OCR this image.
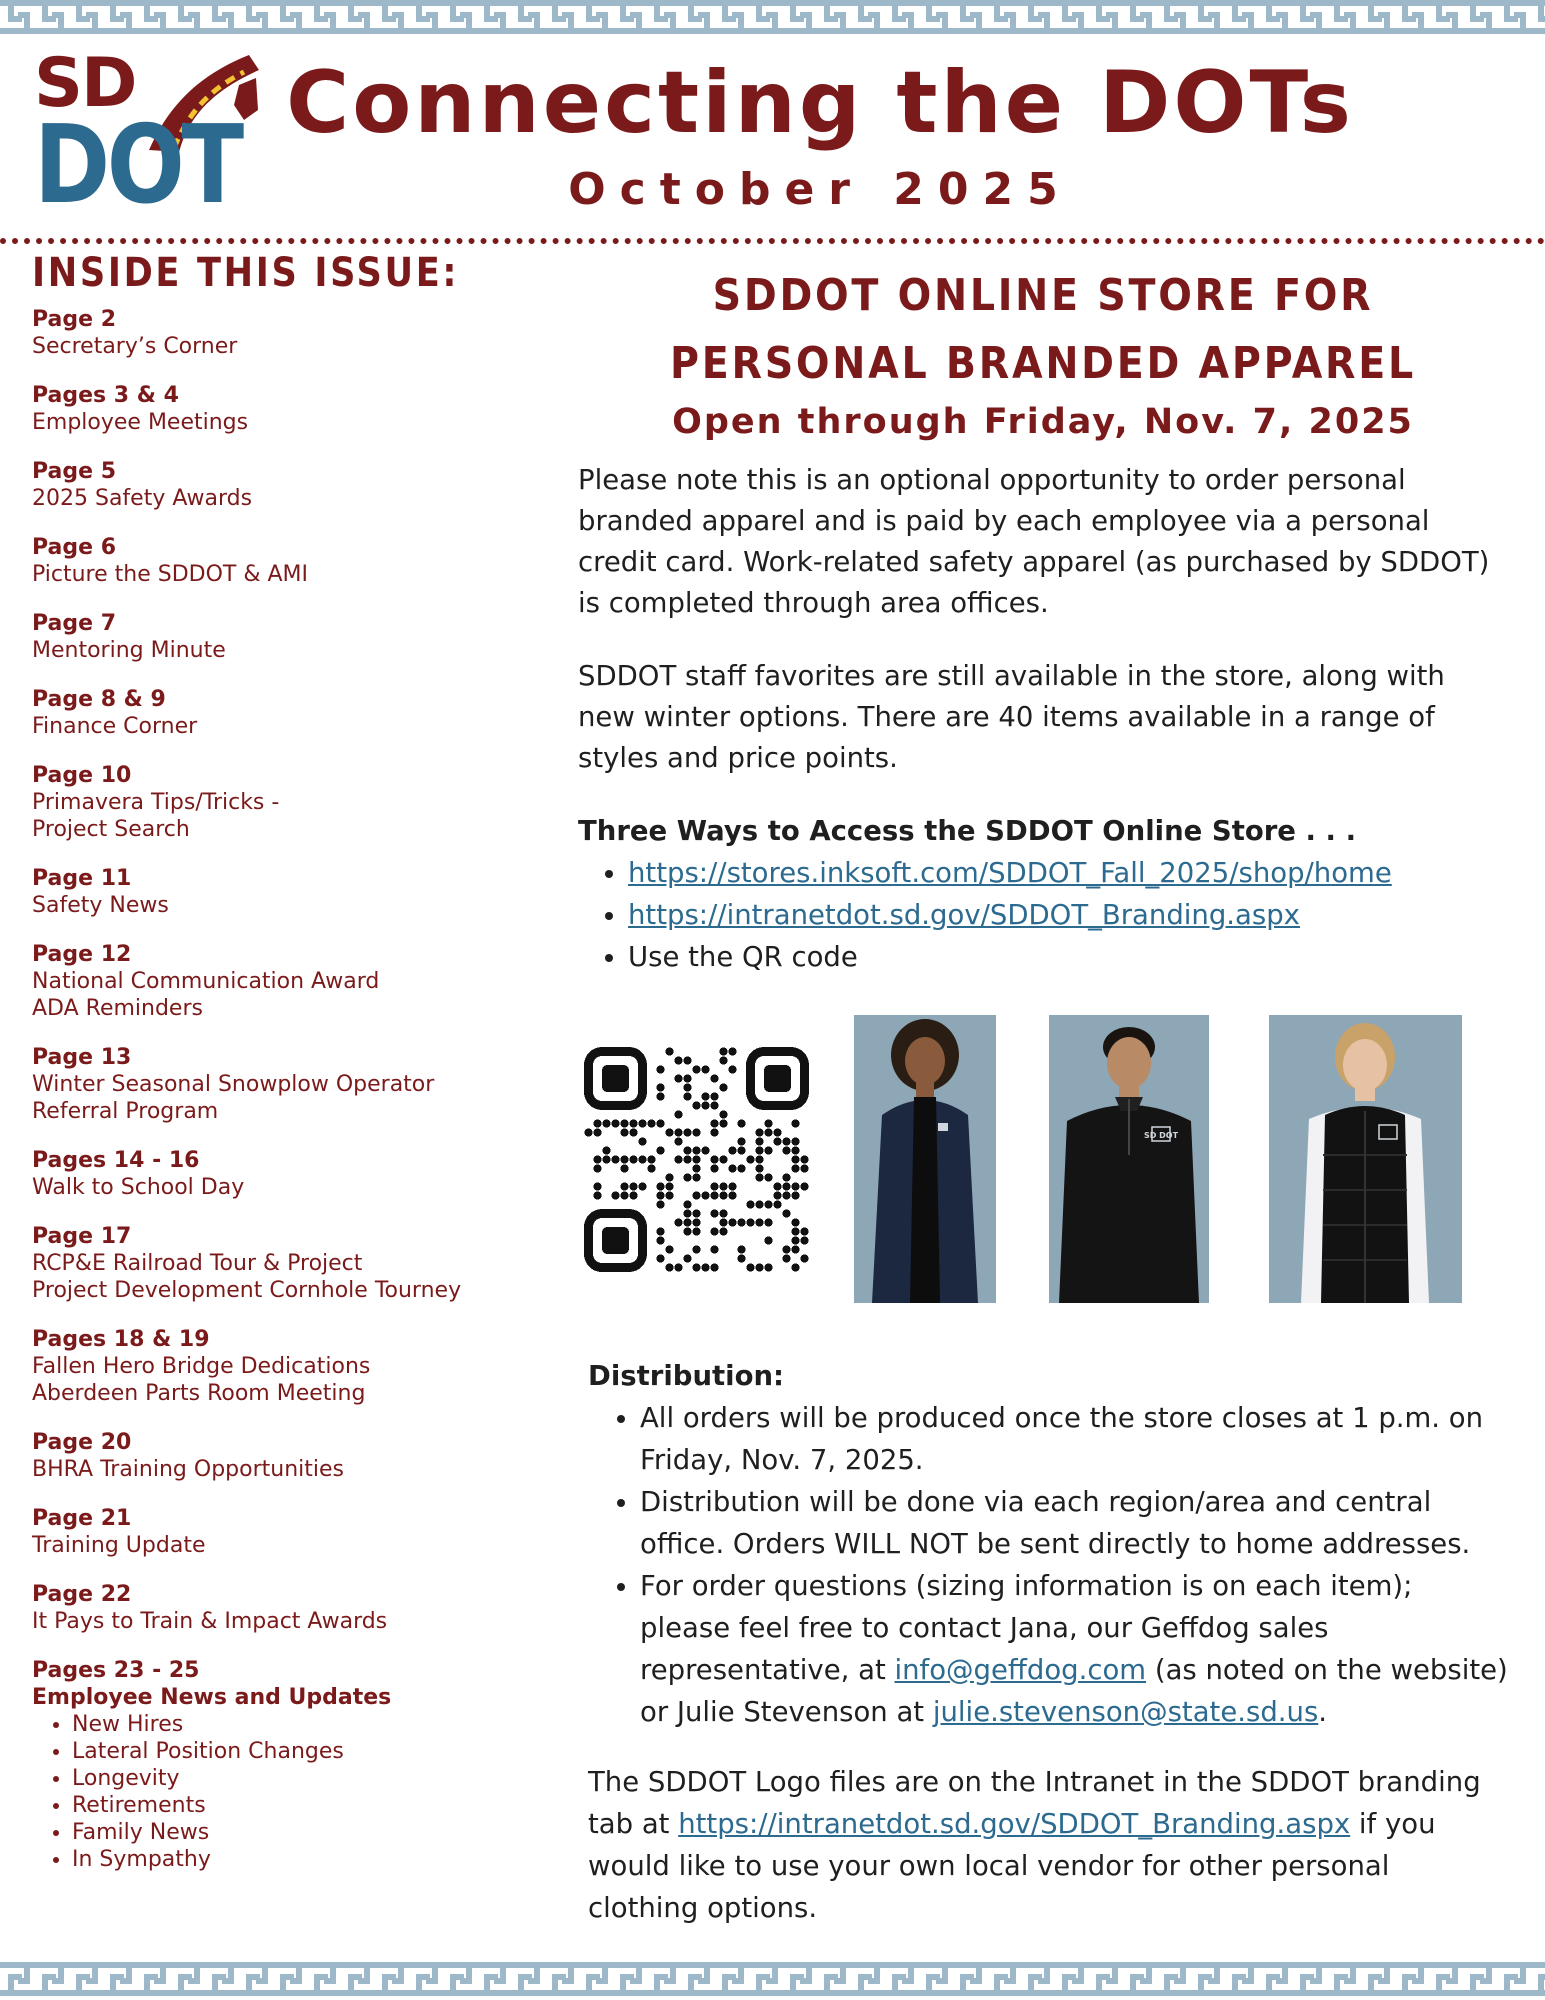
SD
DOT Connecting the DOTs
October 2025
INSIDE THIS ISSUE:
Page 2
Secretary’s Corner
Pages 3 & 4
Employee Meetings
Page 5
2025 Safety Awards
Page 6
Picture the SDDOT & AMI
Page 7
Mentoring Minute
Page 8 & 9
Finance Corner
Page 10
Primavera Tips/Tricks -
Project Search
Page 11
Safety News
Page 12
National Communication Award
ADA Reminders
Page 13
Winter Seasonal Snowplow Operator
Referral Program
Pages 14 - 16
Walk to School Day
Page 17
RCP&E Railroad Tour & Project
Project Development Cornhole Tourney
Pages 18 & 19
Fallen Hero Bridge Dedications
Aberdeen Parts Room Meeting
Page 20
BHRA Training Opportunities
Page 21
Training Update
Page 22
It Pays to Train & Impact Awards
Pages 23 - 25
Employee News and Updates
• New Hires
• Lateral Position Changes
• Longevity
• Retirements
• Family News
• In Sympathy
SDDOT ONLINE STORE FOR
PERSONAL BRANDED APPAREL
Open through Friday, Nov. 7, 2025

Please note this is an optional opportunity to order personal branded apparel and is paid by each employee via a personal credit card. Work-related safety apparel (as purchased by SDDOT) is completed through area offices.

SDDOT staff favorites are still available in the store, along with new winter options. There are 40 items available in a range of styles and price points.

Three Ways to Access the SDDOT Online Store . . .

• https://stores.inksoft.com/SDDOT_Fall_2025/shop/home
• https://intranetdot.sd.gov/SDDOT_Branding.aspx
• Use the QR code
SD DOT

Distribution:

• All orders will be produced once the store closes at 1 p.m. on Friday, Nov. 7, 2025.
• Distribution will be done via each region/area and central office. Orders WILL NOT be sent directly to home addresses.
• For order questions (sizing information is on each item); please feel free to contact Jana, our Geffdog sales representative, at info@geffdog.com (as noted on the website) or Julie Stevenson at julie.stevenson@state.sd.us.

The SDDOT Logo files are on the Intranet in the SDDOT branding tab at https://intranetdot.sd.gov/SDDOT_Branding.aspx if you would like to use your own local vendor for other personal clothing options.
